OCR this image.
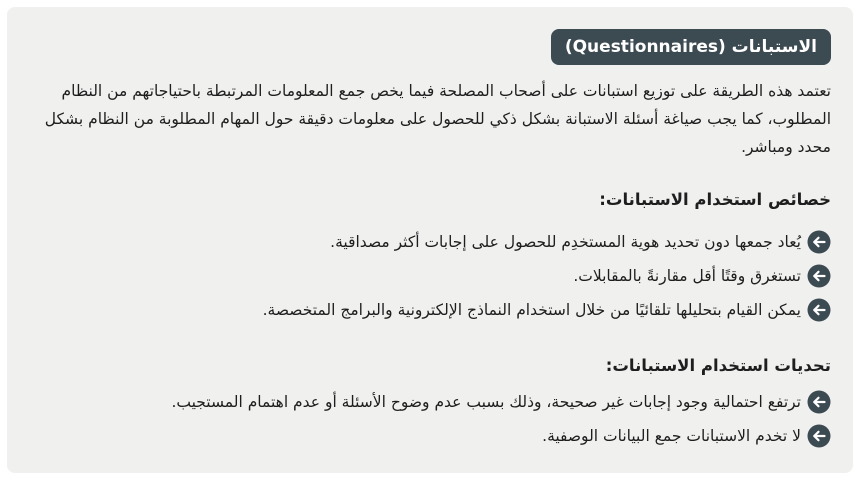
الاستبانات (Questionnaires)

تعتمد هذه الطريقة على توزيع استبانات على أصحاب المصلحة فيما يخص جمع المعلومات المرتبطة باحتياجاتهم من النظام المطلوب، كما يجب صياغة أسئلة الاستبانة بشكل ذكي للحصول على معلومات دقيقة حول المهام المطلوبة من النظام بشكل محدد ومباشر.

خصائص استخدام الاستبانات:
يُعاد جمعها دون تحديد هوية المستخدِم للحصول على إجابات أكثر مصداقية.
تستغرق وقتًا أقل مقارنةً بالمقابلات.
يمكن القيام بتحليلها تلقائيًا من خلال استخدام النماذج الإلكترونية والبرامج المتخصصة.
تحديات استخدام الاستبانات:
ترتفع احتمالية وجود إجابات غير صحيحة، وذلك بسبب عدم وضوح الأسئلة أو عدم اهتمام المستجيب.
لا تخدم الاستبانات جمع البيانات الوصفية.
